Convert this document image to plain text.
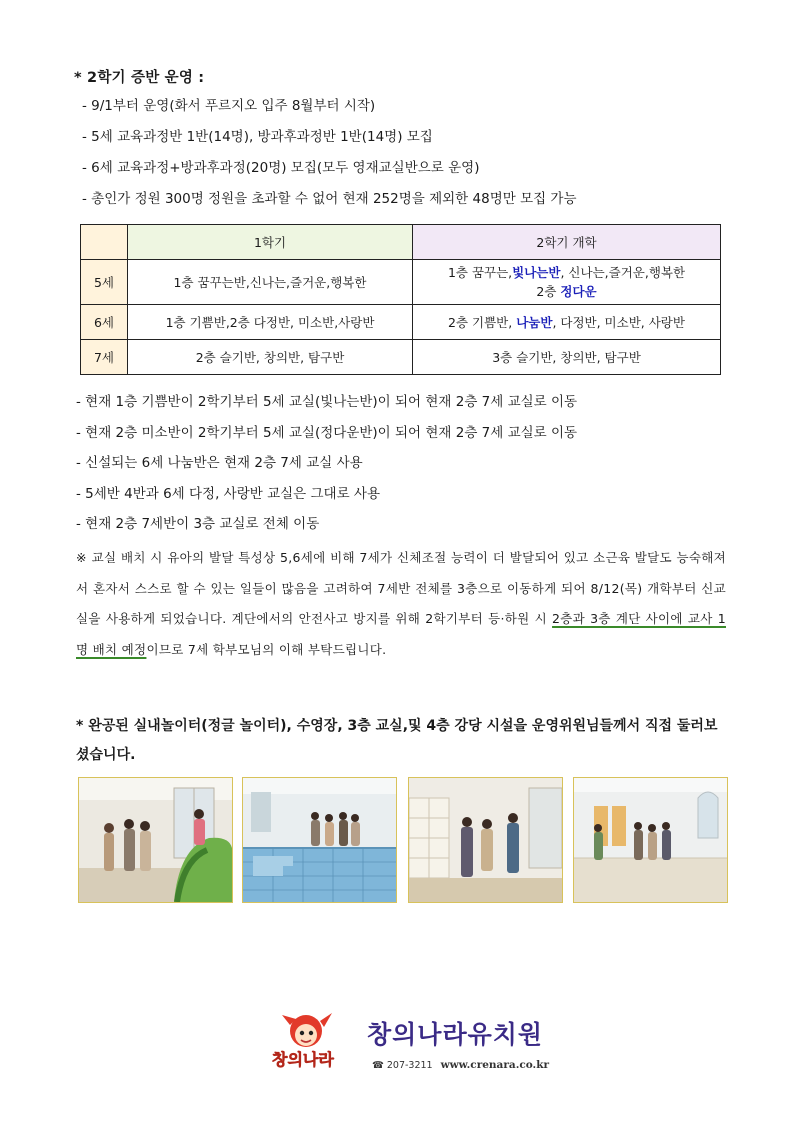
* 2학기 증반 운영 :
- 9/1부터 운영(화서 푸르지오 입주 8월부터 시작)
- 5세 교육과정반 1반(14명), 방과후과정반 1반(14명) 모집
- 6세 교육과정+방과후과정(20명) 모집(모두 영재교실반으로 운영)
- 총인가 정원 300명 정원을 초과할 수 없어 현재 252명을 제외한 48명만 모집 가능
	1학기	2학기 개학
5세	1층 꿈꾸는반,신나는,즐거운,행복한	1층 꿈꾸는,빛나는반, 신나는,즐거운,행복한
2층 정다운
6세	1층 기쁨반,2층 다정반, 미소반,사랑반	2층 기쁨반, 나눔반, 다정반, 미소반, 사랑반
7세	2층 슬기반, 창의반, 탐구반	3층 슬기반, 창의반, 탐구반
- 현재 1층 기쁨반이 2학기부터 5세 교실(빛나는반)이 되어 현재 2층 7세 교실로 이동
- 현재 2층 미소반이 2학기부터 5세 교실(정다운반)이 되어 현재 2층 7세 교실로 이동
- 신설되는 6세 나눔반은 현재 2층 7세 교실 사용
- 5세반 4반과 6세 다정, 사랑반 교실은 그대로 사용
- 현재 2층 7세반이 3층 교실로 전체 이동
※ 교실 배치 시 유아의 발달 특성상 5,6세에 비해 7세가 신체조절 능력이 더 발달되어 있고 소근육 발달도 능숙해져서 혼자서 스스로 할 수 있는 일들이 많음을 고려하여 7세반 전체를 3층으로 이동하게 되어 8/12(목) 개학부터 신교실을 사용하게 되었습니다. 계단에서의 안전사고 방지를 위해 2학기부터 등·하원 시 2층과 3층 계단 사이에 교사 1명 배치 예정이므로 7세 학부모님의 이해 부탁드립니다.
* 완공된 실내놀이터(정글 놀이터), 수영장, 3층 교실,및 4층 강당 시설을 운영위원님들께서 직접 둘러보셨습니다.
창의나라
창의나라유치원
☎ 207-3211 www.crenara.co.kr
